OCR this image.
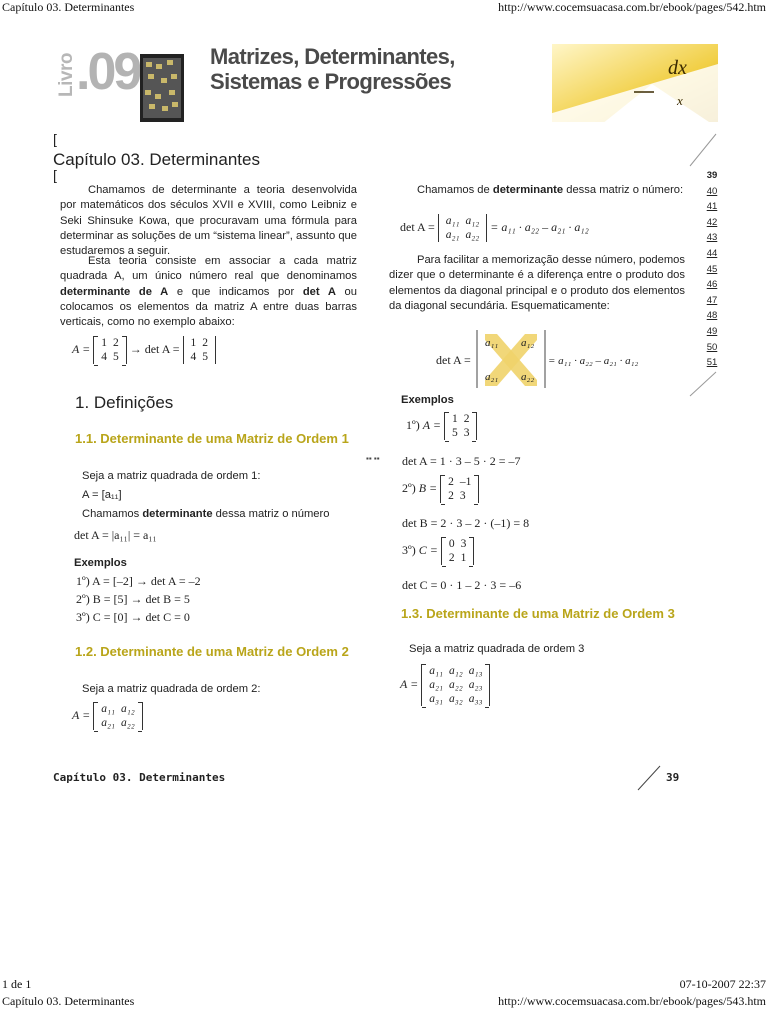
Capítulo 03. Determinantes	http://www.cocemsuacasa.com.br/ebook/pages/542.htm
Livro .09	Matrizes, Determinantes,
Sistemas e Progressões
dx
x
[
Capítulo 03. Determinantes
[
Chamamos de determinante a teoria desenvolvida por matemáticos dos séculos XVII e XVIII, como Leibniz e Seki Shinsuke Kowa, que procuravam uma fórmula para determinar as soluções de um “sistema linear”, assunto que estudaremos a seguir.
Esta teoria consiste em associar a cada matriz quadrada A, um único número real que denominamos determinante de A e que indicamos por det A ou colocamos os elementos da matriz A entre duas barras verticais, como no exemplo abaixo:
A = 1	2
4	5
→ det A = 1	2
4	5
1. Definições
1.1. Determinante de uma Matriz de Ordem 1
Seja a matriz quadrada de ordem 1:
A = [a₁₁]
Chamamos determinante dessa matriz o número
det A = |a₁₁| = a₁₁
Exemplos
1º) A = [–2] → det A = –2
2º) B = [5] → det B = 5
3º) C = [0] → det C = 0
1.2. Determinante de uma Matriz de Ordem 2
Seja a matriz quadrada de ordem 2:
A = a₁₁	a₁₂
a₂₁	a₂₂
▪▪ ▪▪
Chamamos de determinante dessa matriz o número:
det A = a₁₁	a₁₂
a₂₁	a₂₂
= a₁₁ · a₂₂ – a₂₁ · a₁₂
Para facilitar a memorização desse número, podemos dizer que o determinante é a diferença entre o produto dos elementos da diagonal principal e o produto dos elementos da diagonal secundária. Esquematicamente:
det A =
a₁₁ a₁₂
a₂₁ a₂₂
= a₁₁ · a₂₂ – a₂₁ · a₁₂
Exemplos
1º) A = 1	2
5	3
det A = 1 · 3 – 5 · 2 = –7
2º) B = 2	–1
2	3
det B = 2 · 3 – 2 · (–1) = 8
3º) C = 0	3
2	1
det C = 0 · 1 – 2 · 3 = –6
1.3. Determinante de uma Matriz de Ordem 3
Seja a matriz quadrada de ordem 3
A =
a₁₁	a₁₂	a₁₃
a₂₁	a₂₂	a₂₃
a₃₁	a₃₂	a₃₃
39
40
41
42
43
44
45
46
47
48
49
50
51
Capítulo 03. Determinantes	39
1 de 1	07-10-2007 22:37
Capítulo 03. Determinantes	http://www.cocemsuacasa.com.br/ebook/pages/543.htm
